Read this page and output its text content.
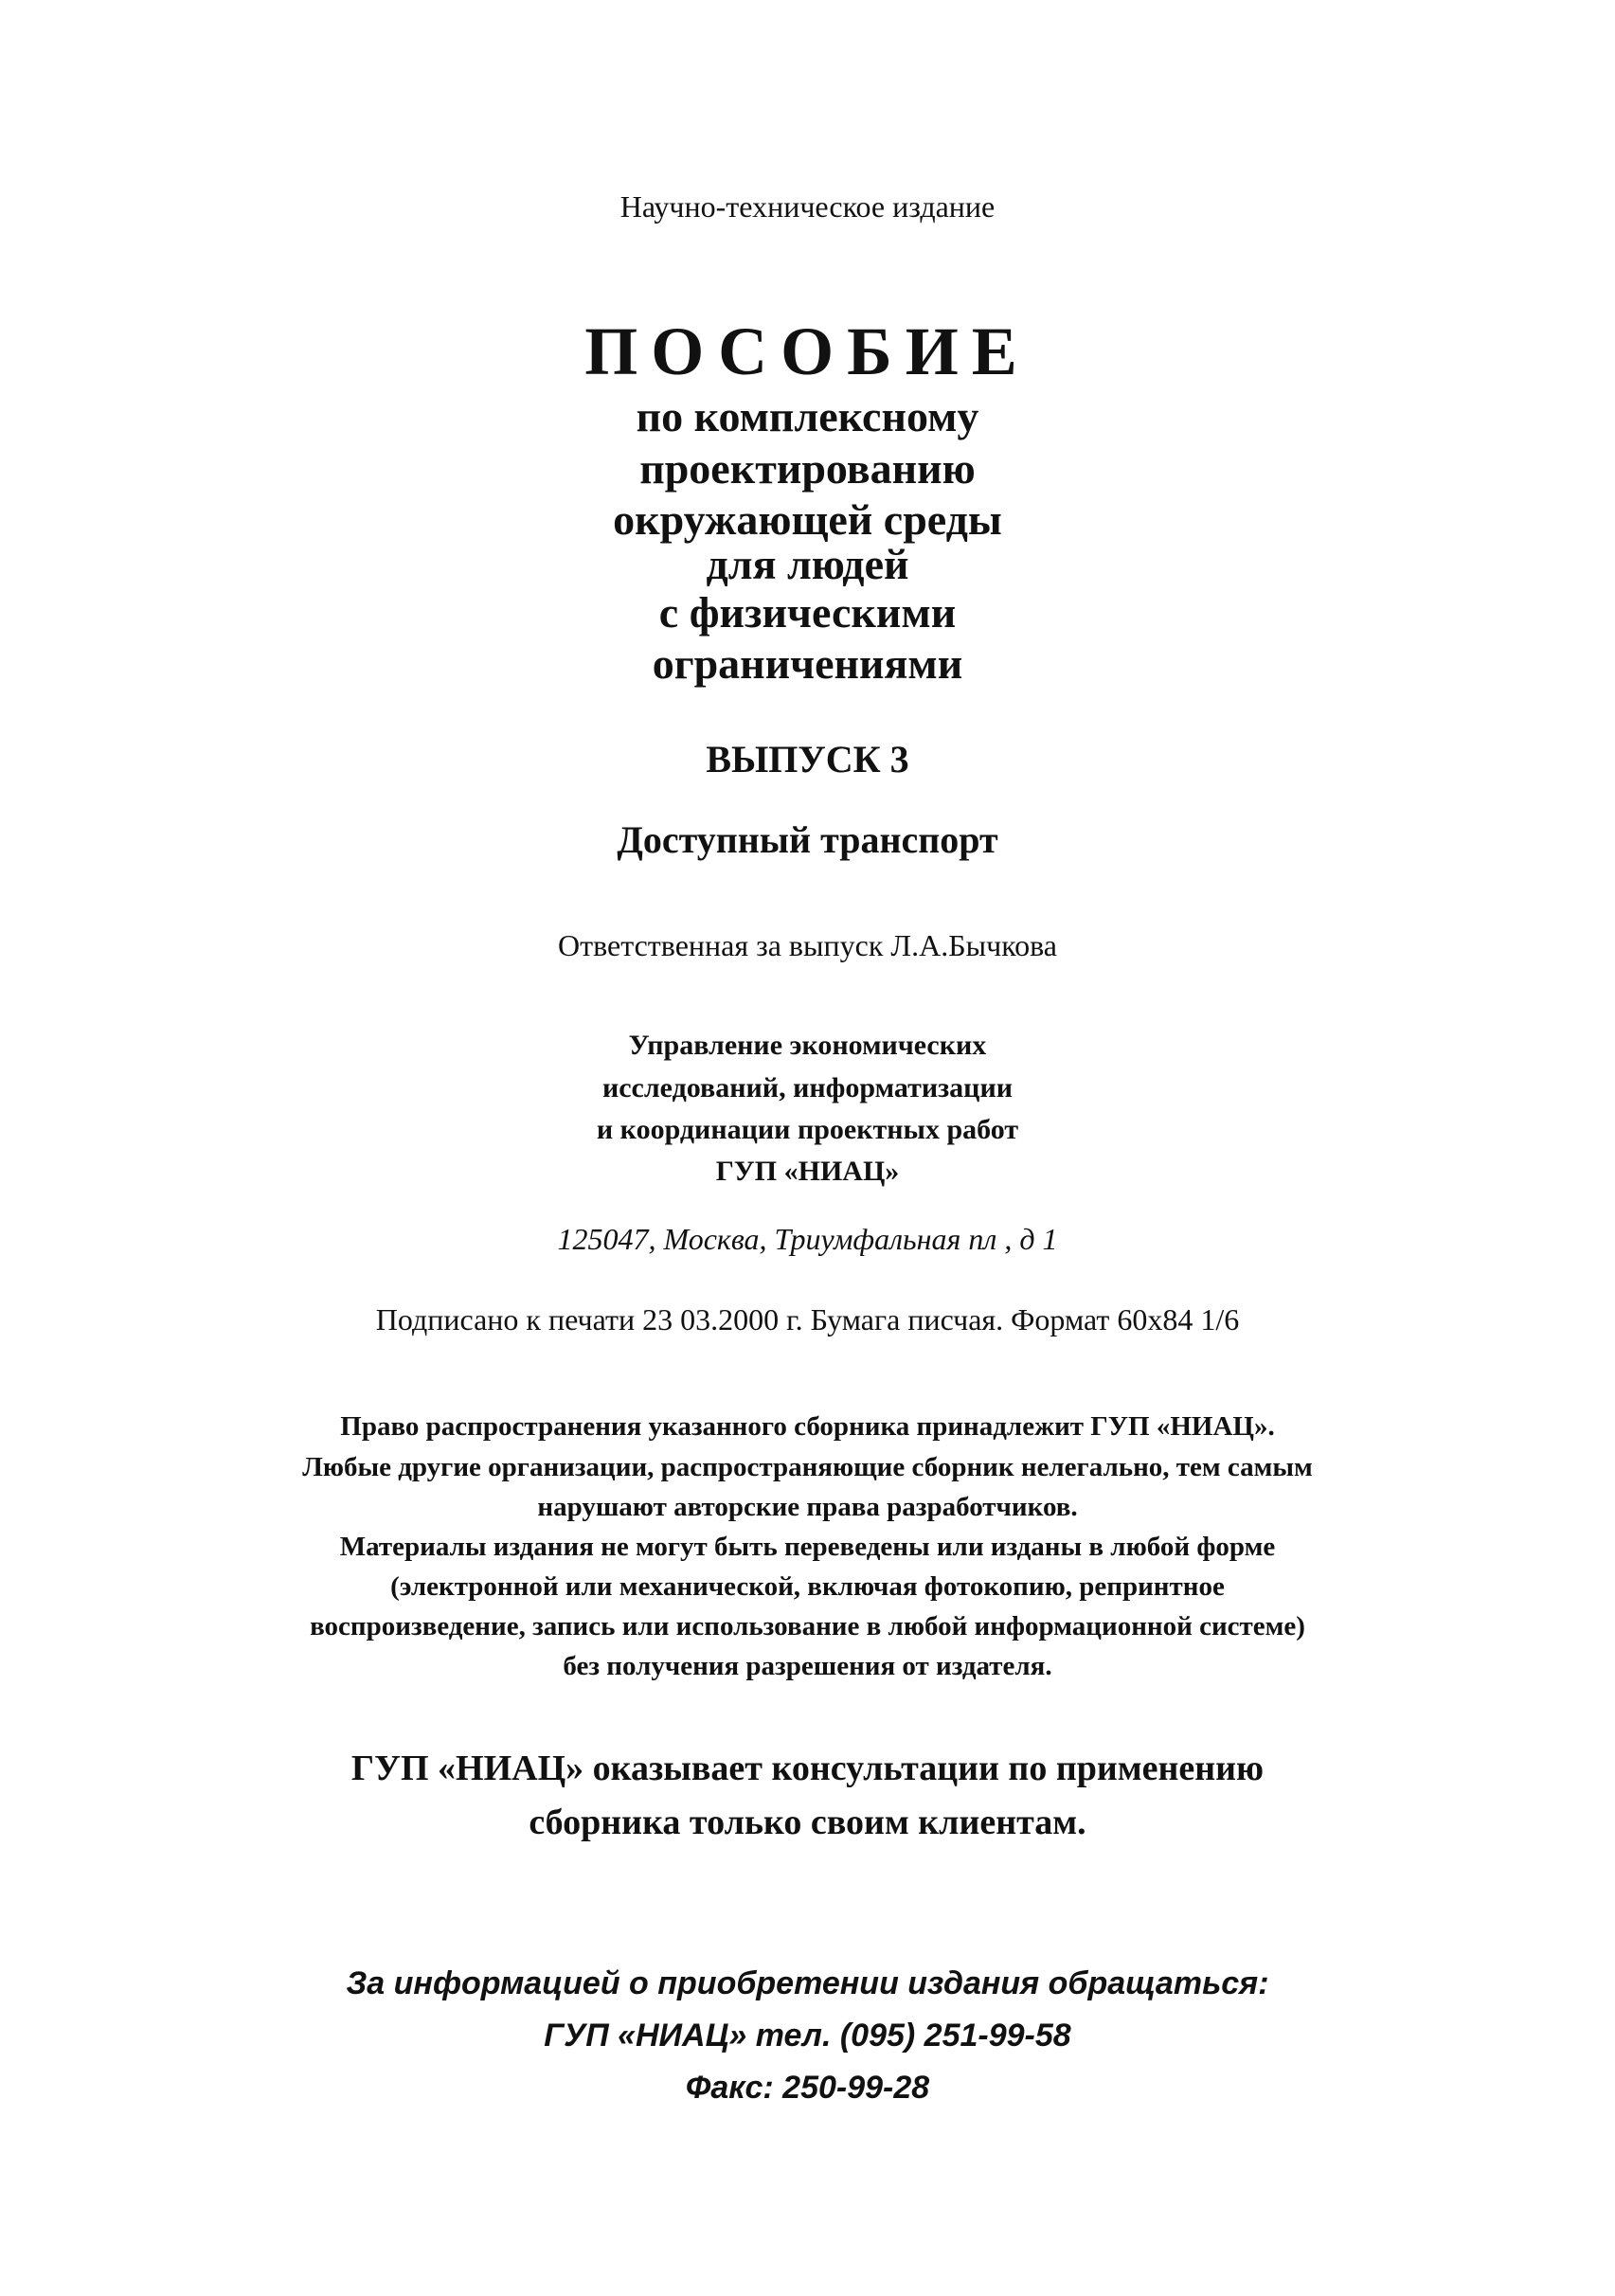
Научно-техническое издание
ПОСОБИЕ
по комплексному
проектированию
окружающей среды
для людей
с физическими
ограничениями
ВЫПУСК 3
Доступный транспорт
Ответственная за выпуск Л.А.Бычкова
Управление экономических
исследований, информатизации
и координации проектных работ
ГУП «НИАЦ»
125047, Москва, Триумфальная пл , д 1
Подписано к печати 23 03.2000 г. Бумага писчая. Формат 60х84 1/6
Право распространения указанного сборника принадлежит ГУП «НИАЦ».
Любые другие организации, распространяющие сборник нелегально, тем самым
нарушают авторские права разработчиков.
Материалы издания не могут быть переведены или изданы в любой форме
(электронной или механической, включая фотокопию, репринтное
воспроизведение, запись или использование в любой информационной системе)
без получения разрешения от издателя.
ГУП «НИАЦ» оказывает консультации по применению
сборника только своим клиентам.
За информацией о приобретении издания обращаться:
ГУП «НИАЦ» тел. (095) 251-99-58
Факс: 250-99-28
